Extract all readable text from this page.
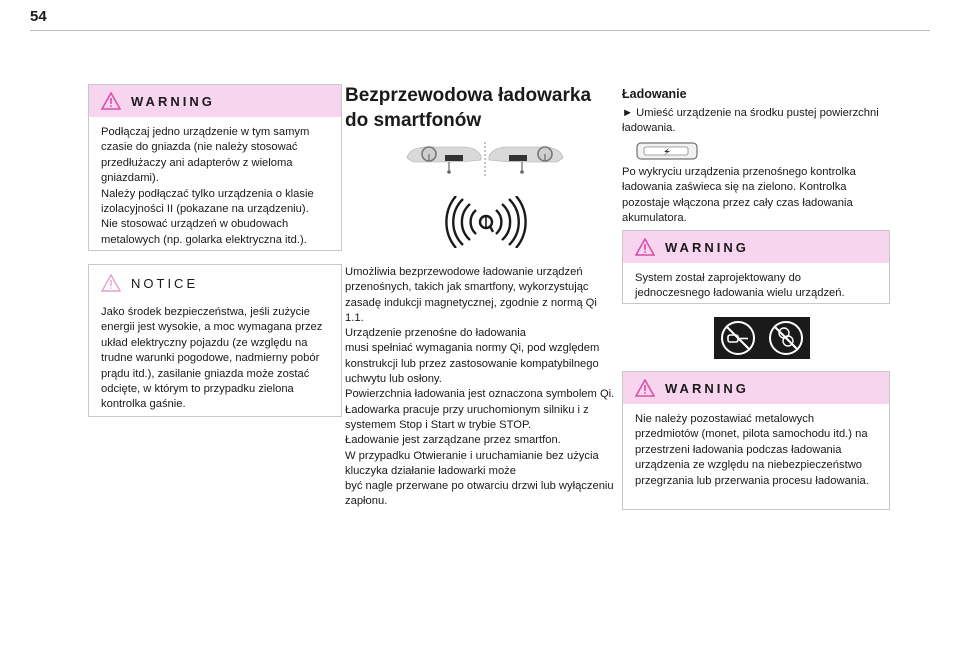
54
WARNING
Podłączaj jedno urządzenie w tym samym czasie do gniazda (nie należy stosować przedłużaczy ani adapterów z wieloma gniazdami).
Należy podłączać tylko urządzenia o klasie izolacyjności II (pokazane na urządzeniu).
Nie stosować urządzeń w obudowach metalowych (np. golarka elektryczna itd.).
NOTICE
Jako środek bezpieczeństwa, jeśli zużycie energii jest wysokie, a moc wymagana przez układ elektryczny pojazdu (ze względu na trudne warunki pogodowe, nadmierny pobór prądu itd.), zasilanie gniazda może zostać odcięte, w którym to przypadku zielona kontrolka gaśnie.
Bezprzewodowa ładowarka
do smartfonów
Umożliwia bezprzewodowe ładowanie urządzeń przenośnych, takich jak smartfony, wykorzystując zasadę indukcji magnetycznej, zgodnie z normą Qi 1.1.
Urządzenie przenośne do ładowania
musi spełniać wymagania normy Qi, pod względem konstrukcji lub przez zastosowanie kompatybilnego uchwytu lub osłony.
Powierzchnia ładowania jest oznaczona symbolem Qi.
Ładowarka pracuje przy uruchomionym silniku i z systemem Stop i Start w trybie STOP.
Ładowanie jest zarządzane przez smartfon.
W przypadku Otwieranie i uruchamianie bez użycia kluczyka działanie ładowarki może
być nagle przerwane po otwarciu drzwi lub wyłączeniu zapłonu.
Ładowanie
► Umieść urządzenie na środku pustej powierzchni ładowania.
Po wykryciu urządzenia przenośnego kontrolka ładowania zaświeca się na zielono. Kontrolka pozostaje włączona przez cały czas ładowania akumulatora.
WARNING
System został zaprojektowany do jednoczesnego ładowania wielu urządzeń.
WARNING
Nie należy pozostawiać metalowych przedmiotów (monet, pilota samochodu itd.) na przestrzeni ładowania podczas ładowania urządzenia ze względu na niebezpieczeństwo przegrzania lub przerwania procesu ładowania.
